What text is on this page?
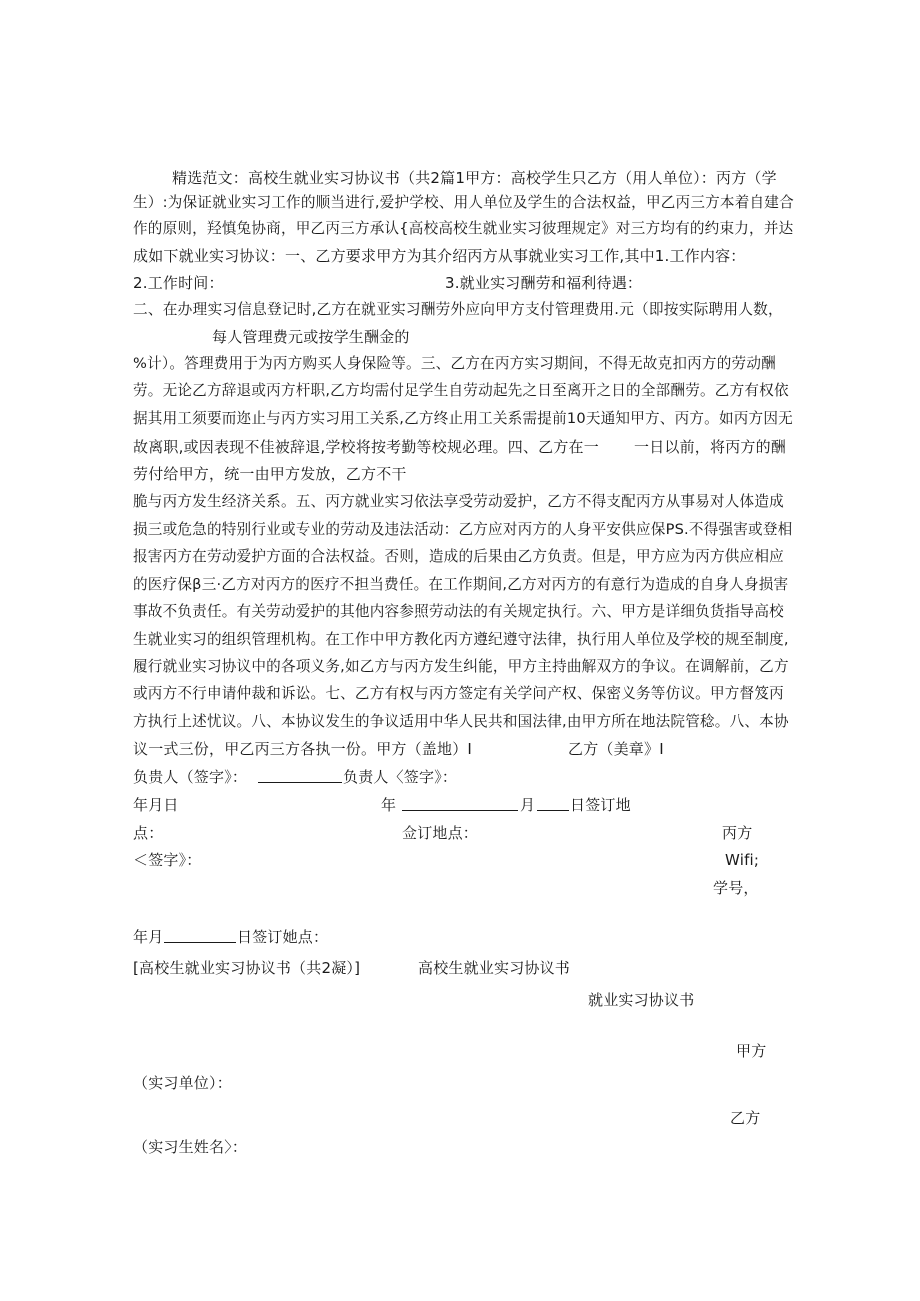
精选范文：高校生就业实习协议书（共2篇1甲方：高校学生只乙方（用人单位）：丙方（学
生）:为保证就业实习工作的顺当进行,爱护学校、用人单位及学生的合法权益，甲乙丙三方本着自建合
作的原则，羟慎兔协商，甲乙丙三方承认{高校高校生就业实习彼理规定》对三方均有的约束力，并达
成如下就业实习协议：一、乙方要求甲方为其介绍丙方从事就业实习工作,其中1.工作内容：
2.工作时间：	3.就业实习酬劳和福利待遇：
二、在办理实习信息登记时,乙方在就亚实习酬劳外应向甲方支付管理费用.元（即按实际聘用人数，
每人管理费元或按学生酬金的
%计）。答理费用于为丙方购买人身保险等。三、乙方在丙方实习期间，不得无故克扣丙方的劳动酬
劳。无论乙方辞退或丙方杆职,乙方均需付足学生自劳动起先之日至离开之日的全部酬劳。乙方有权依
据其用工须要而迩止与丙方实习用工关系,乙方终止用工关系需提前10天通知甲方、丙方。如丙方因无
故离职,或因表现不佳被辞退,学校将按考勤等校规必理。四、乙方在一 一日以前，将丙方的酬
劳付给甲方，统一由甲方发放，乙方不干
脆与丙方发生经济关系。五、丙方就业实习依法享受劳动爱护，乙方不得支配丙方从事易对人体造成
损三或危急的特别行业或专业的劳动及违法活动：乙方应对丙方的人身平安供应保PS.不得强害或登相
报害丙方在劳动爱护方面的合法权益。否则，造成的后果由乙方负责。但是，甲方应为丙方供应相应
的医疗保β三·乙方对丙方的医疗不担当费任。在工作期间,乙方对丙方的有意行为造成的自身人身损害
事故不负责任。有关劳动爱护的其他内容参照劳动法的有关规定执行。六、甲方是详细负货指导高校
生就业实习的组织管理机构。在工作中甲方教化丙方遵纪遵守法律，执行用人单位及学校的规至制度,
履行就业实习协议中的各项义务,如乙方与丙方发生纠能，甲方主持曲解双方的争议。在调解前，乙方
或丙方不行申请仲裁和诉讼。七、乙方有权与丙方签定有关学问产权、保密义务等仿议。甲方督笈丙
方执行上述忧议。八、本协议发生的争议适用中华人民共和国法律,由甲方所在地法院管稔。八、本协
议一式三份，甲乙丙三方各执一份。甲方（盖地）I	乙方（美章》I
负贵人（签字》：	负责人〈签字》：
年月日	年	月 日签订地
点：	佥订地点：	丙方
＜签字》：	Wifi;
学号，
年月	日签订她点：
[高校生就业实习协议书（共2凝）]	高校生就业实习协议书
就业实习协议书
甲方
（实习单位）：
乙方
（实习生姓名〉：
